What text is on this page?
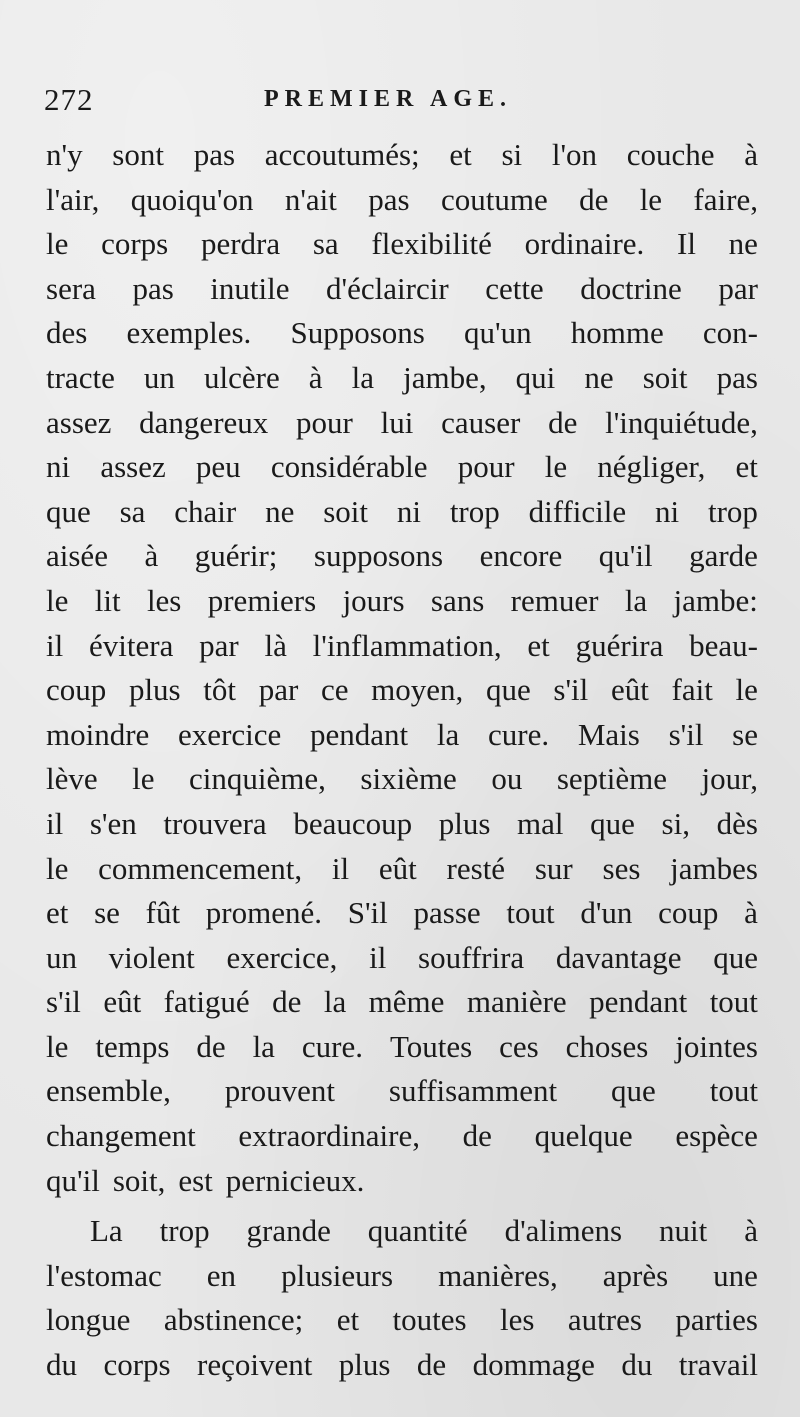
272	PREMIER AGE.
n'y sont pas accoutumés; et si l'on couche à
l'air, quoiqu'on n'ait pas coutume de le faire,
le corps perdra sa flexibilité ordinaire. Il ne
sera pas inutile d'éclaircir cette doctrine par
des exemples. Supposons qu'un homme con-
tracte un ulcère à la jambe, qui ne soit pas
assez dangereux pour lui causer de l'inquiétude,
ni assez peu considérable pour le négliger, et
que sa chair ne soit ni trop difficile ni trop
aisée à guérir; supposons encore qu'il garde
le lit les premiers jours sans remuer la jambe:
il évitera par là l'inflammation, et guérira beau-
coup plus tôt par ce moyen, que s'il eût fait le
moindre exercice pendant la cure. Mais s'il se
lève le cinquième, sixième ou septième jour,
il s'en trouvera beaucoup plus mal que si, dès
le commencement, il eût resté sur ses jambes
et se fût promené. S'il passe tout d'un coup à
un violent exercice, il souffrira davantage que
s'il eût fatigué de la même manière pendant tout
le temps de la cure. Toutes ces choses jointes
ensemble, prouvent suffisamment que tout
changement extraordinaire, de quelque espèce
qu'il soit, est pernicieux.
La trop grande quantité d'alimens nuit à
l'estomac en plusieurs manières, après une
longue abstinence; et toutes les autres parties
du corps reçoivent plus de dommage du travail
